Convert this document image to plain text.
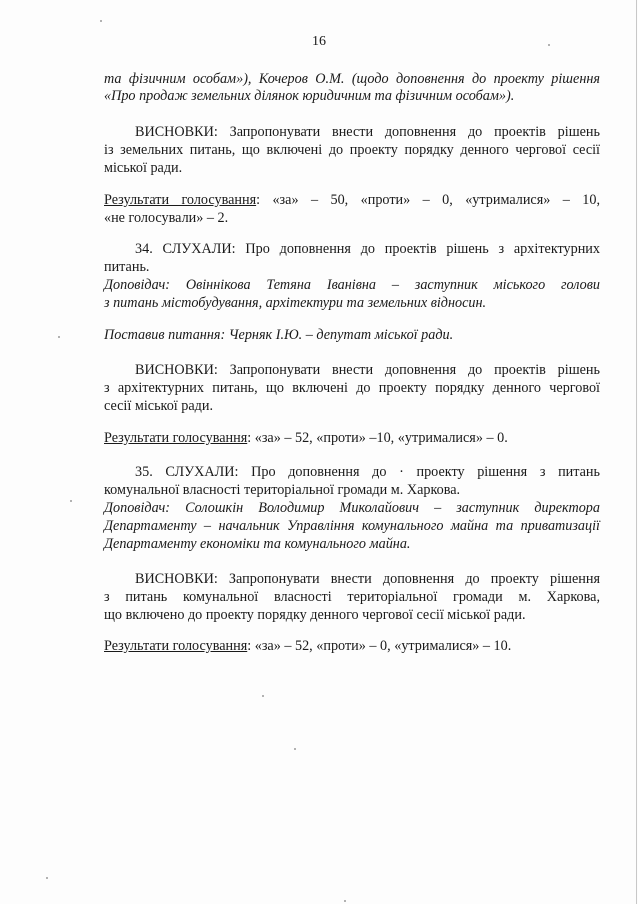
16
та фізичним особам»), Кочеров О.М. (щодо доповнення до проекту рішення
«Про продаж земельних ділянок юридичним та фізичним особам»).
ВИСНОВКИ: Запропонувати внести доповнення до проектів рішень
із земельних питань, що включені до проекту порядку денного чергової сесії
міської ради.
Результати голосування: «за» – 50, «проти» – 0, «утрималися» – 10,
«не голосували» – 2.
34. СЛУХАЛИ: Про доповнення до проектів рішень з архітектурних
питань.
Доповідач: Овіннікова Тетяна Іванівна – заступник міського голови
з питань містобудування, архітектури та земельних відносин.
Поставив питання: Черняк І.Ю. – депутат міської ради.
ВИСНОВКИ: Запропонувати внести доповнення до проектів рішень
з архітектурних питань, що включені до проекту порядку денного чергової
сесії міської ради.
Результати голосування: «за» – 52, «проти» –10, «утрималися» – 0.
35. СЛУХАЛИ: Про доповнення до · проекту рішення з питань
комунальної власності територіальної громади м. Харкова.
Доповідач: Солошкін Володимир Миколайович – заступник директора
Департаменту – начальник Управління комунального майна та приватизації
Департаменту економіки та комунального майна.
ВИСНОВКИ: Запропонувати внести доповнення до проекту рішення
з питань комунальної власності територіальної громади м. Харкова,
що включено до проекту порядку денного чергової сесії міської ради.
Результати голосування: «за» – 52, «проти» – 0, «утрималися» – 10.
